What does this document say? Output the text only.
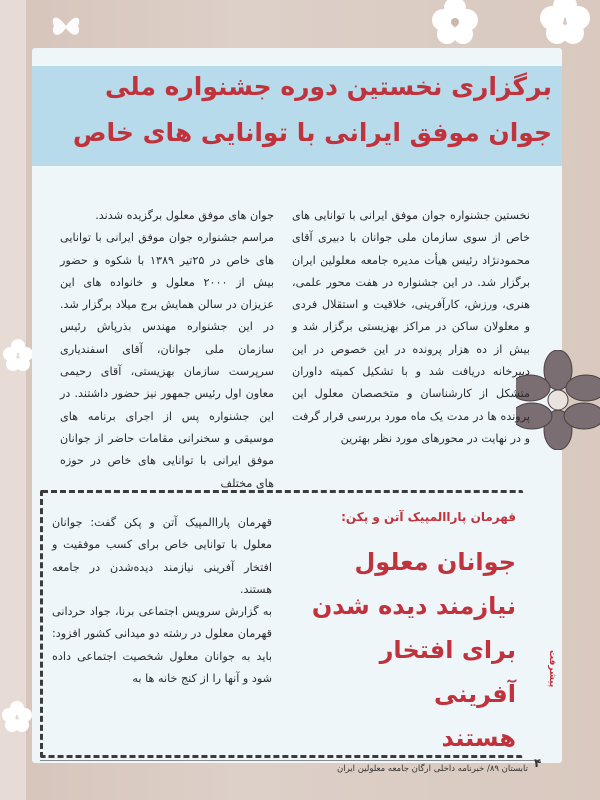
برگزاری نخستین دوره جشنواره ملی
جوان موفق ایرانی با توانایی های خاص

نخستین جشنواره جوان موفق ایرانی با توانایی های خاص از سوی سازمان ملی جوانان با دبیری آقای محمودنژاد رئیس هیأت مدیره جامعه معلولین ایران برگزار شد. در این جشنواره در هفت محور علمی، هنری، ورزش، کارآفرینی، خلاقیت و استقلال فردی و معلولان ساکن در مراکز بهزیستی برگزار شد و بیش از ده هزار پرونده در این خصوص در این دبیرخانه دریافت شد و با تشکیل کمیته داوران متشکل از کارشناسان و متخصصان معلول این پرونده ها در مدت یک ماه مورد بررسی قرار گرفت و در نهایت در محورهای مورد نظر بهترین

جوان های موفق معلول برگزیده شدند.

مراسم جشنواره جوان موفق ایرانی با توانایی های خاص در ۲۵تیر ۱۳۸۹ با شکوه و حضور بیش از ۲۰۰۰ معلول و خانواده های این عزیزان در سالن همایش برج میلاد برگزار شد. در این جشنواره مهندس بذرپاش رئیس سازمان ملی جوانان، آقای اسفندیاری سرپرست سازمان بهزیستی، آقای رحیمی معاون اول رئیس جمهور نیز حضور داشتند. در این جشنواره پس از اجرای برنامه های موسیقی و سخنرانی مقامات حاضر از جوانان موفق ایرانی با توانایی های خاص در حوزه های مختلف

قهرمان پاراالمپیک آتن و پکن:
جوانان معلول
نیازمند دیده شدن
برای افتخار آفرینی
هستند

قهرمان پاراالمپیک آتن و پکن گفت: جوانان معلول با توانایی خاص برای کسب موفقیت و افتخار آفرینی نیازمند دیده‌شدن در جامعه هستند.

به گزارش سرویس اجتماعی برنا، جواد حردانی قهرمان معلول در رشته دو میدانی کشور افزود: باید به جوانان معلول شخصیت اجتماعی داده شود و آنها را از کنج خانه ها به	پیشرفت
تابستان ۸۹/ خبرنامه داخلی ارگان جامعه معلولین ایران ۴
